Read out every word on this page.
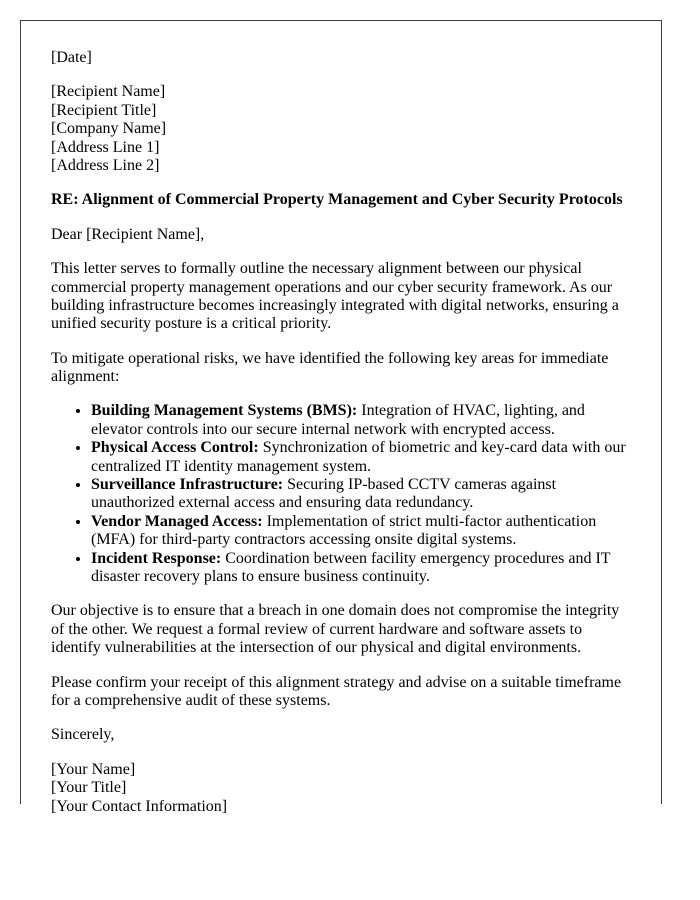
[Date]

[Recipient Name]
[Recipient Title]
[Company Name]
[Address Line 1]
[Address Line 2]

RE: Alignment of Commercial Property Management and Cyber Security Protocols

Dear [Recipient Name],

This letter serves to formally outline the necessary alignment between our physical commercial property management operations and our cyber security framework. As our building infrastructure becomes increasingly integrated with digital networks, ensuring a unified security posture is a critical priority.

To mitigate operational risks, we have identified the following key areas for immediate alignment:

• Building Management Systems (BMS): Integration of HVAC, lighting, and elevator controls into our secure internal network with encrypted access.
• Physical Access Control: Synchronization of biometric and key-card data with our centralized IT identity management system.
• Surveillance Infrastructure: Securing IP-based CCTV cameras against unauthorized external access and ensuring data redundancy.
• Vendor Managed Access: Implementation of strict multi-factor authentication (MFA) for third-party contractors accessing onsite digital systems.
• Incident Response: Coordination between facility emergency procedures and IT disaster recovery plans to ensure business continuity.

Our objective is to ensure that a breach in one domain does not compromise the integrity of the other. We request a formal review of current hardware and software assets to identify vulnerabilities at the intersection of our physical and digital environments.

Please confirm your receipt of this alignment strategy and advise on a suitable timeframe for a comprehensive audit of these systems.

Sincerely,

[Your Name]
[Your Title]
[Your Contact Information]
